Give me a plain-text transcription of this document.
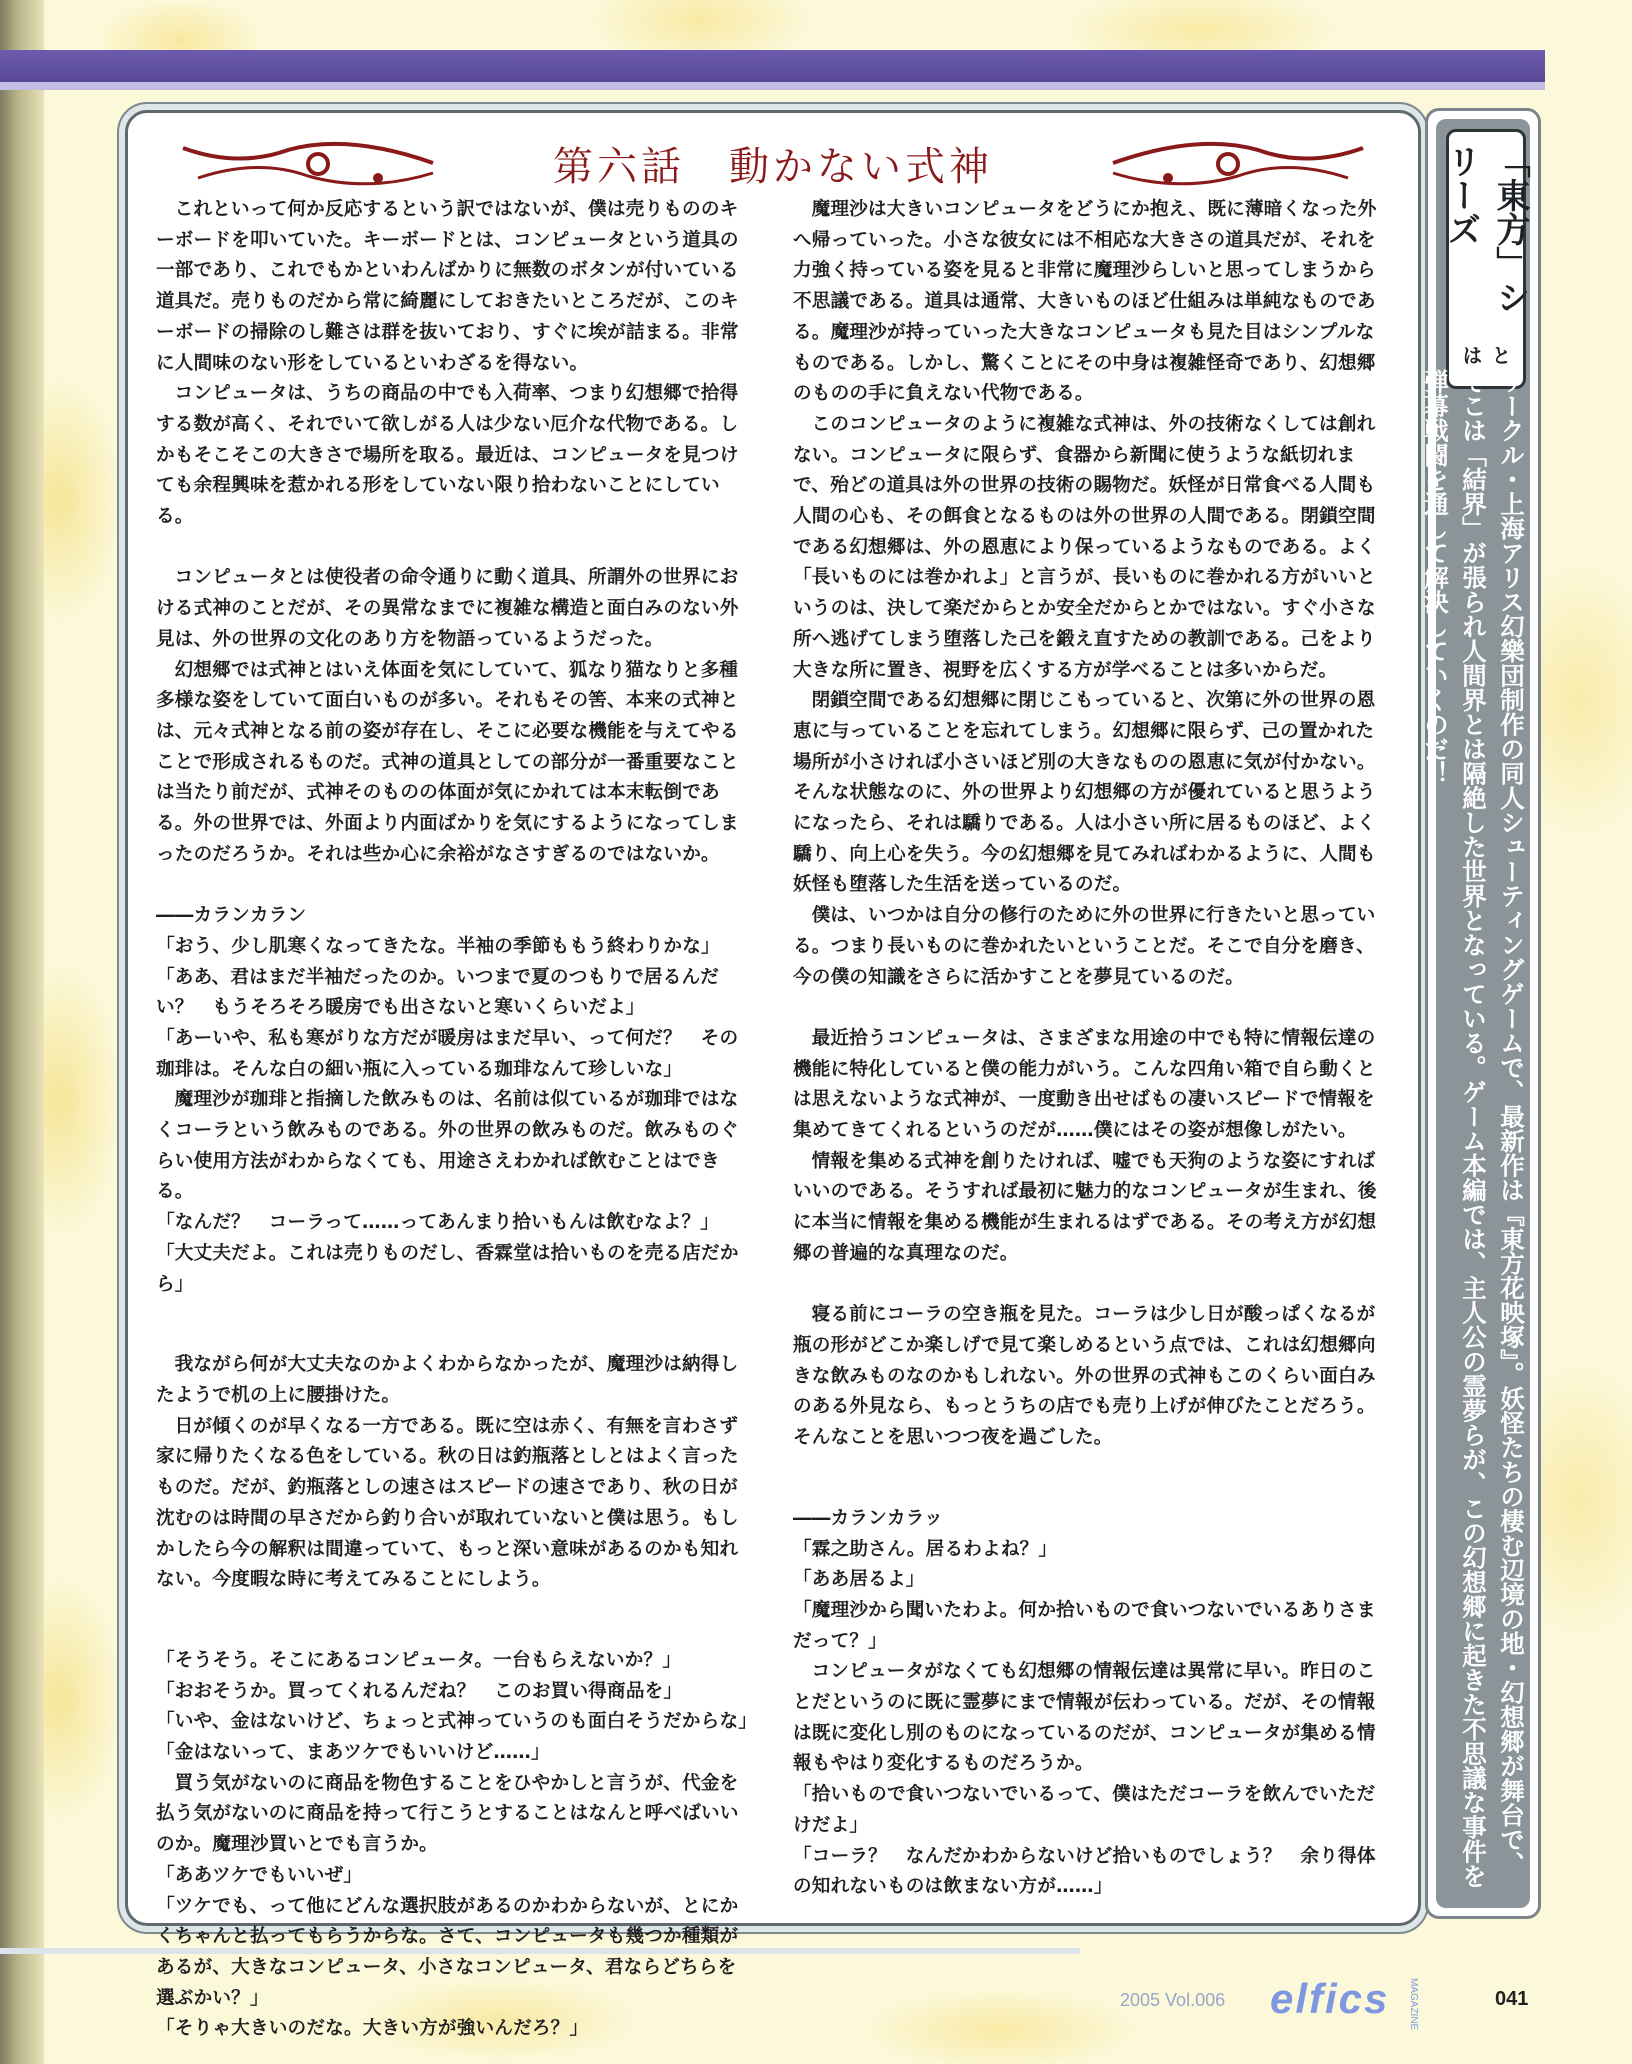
第六話　動かない式神

これといって何か反応するという訳ではないが、僕は売りもののキーボードを叩いていた。キーボードとは、コンピュータという道具の一部であり、これでもかといわんばかりに無数のボタンが付いている道具だ。売りものだから常に綺麗にしておきたいところだが、このキーボードの掃除のし難さは群を抜いており、すぐに埃が詰まる。非常に人間味のない形をしているといわざるを得ない。

コンピュータは、うちの商品の中でも入荷率、つまり幻想郷で拾得する数が高く、それでいて欲しがる人は少ない厄介な代物である。しかもそこそこの大きさで場所を取る。最近は、コンピュータを見つけても余程興味を惹かれる形をしていない限り拾わないことにしている。

コンピュータとは使役者の命令通りに動く道具、所謂外の世界における式神のことだが、その異常なまでに複雑な構造と面白みのない外見は、外の世界の文化のあり方を物語っているようだった。

幻想郷では式神とはいえ体面を気にしていて、狐なり猫なりと多種多様な姿をしていて面白いものが多い。それもその筈、本来の式神とは、元々式神となる前の姿が存在し、そこに必要な機能を与えてやることで形成されるものだ。式神の道具としての部分が一番重要なことは当たり前だが、式神そのものの体面が気にかれては本末転倒である。外の世界では、外面より内面ばかりを気にするようになってしまったのだろうか。それは些か心に余裕がなさすぎるのではないか。

――カランカラン

「おう、少し肌寒くなってきたな。半袖の季節ももう終わりかな」

「ああ、君はまだ半袖だったのか。いつまで夏のつもりで居るんだい？　もうそろそろ暖房でも出さないと寒いくらいだよ」

「あーいや、私も寒がりな方だが暖房はまだ早い、って何だ？　その珈琲は。そんな白の細い瓶に入っている珈琲なんて珍しいな」

魔理沙が珈琲と指摘した飲みものは、名前は似ているが珈琲ではなくコーラという飲みものである。外の世界の飲みものだ。飲みものぐらい使用方法がわからなくても、用途さえわかれば飲むことはできる。

「なんだ？　コーラって……ってあんまり拾いもんは飲むなよ？」

「大丈夫だよ。これは売りものだし、香霖堂は拾いものを売る店だから」

我ながら何が大丈夫なのかよくわからなかったが、魔理沙は納得したようで机の上に腰掛けた。

日が傾くのが早くなる一方である。既に空は赤く、有無を言わさず家に帰りたくなる色をしている。秋の日は釣瓶落としとはよく言ったものだ。だが、釣瓶落としの速さはスピードの速さであり、秋の日が沈むのは時間の早さだから釣り合いが取れていないと僕は思う。もしかしたら今の解釈は間違っていて、もっと深い意味があるのかも知れない。今度暇な時に考えてみることにしよう。

「そうそう。そこにあるコンピュータ。一台もらえないか？」

「おおそうか。買ってくれるんだね？　このお買い得商品を」

「いや、金はないけど、ちょっと式神っていうのも面白そうだからな」

「金はないって、まあツケでもいいけど……」

買う気がないのに商品を物色することをひやかしと言うが、代金を払う気がないのに商品を持って行こうとすることはなんと呼べばいいのか。魔理沙買いとでも言うか。

「ああツケでもいいぜ」

「ツケでも、って他にどんな選択肢があるのかわからないが、とにかくちゃんと払ってもらうからな。さて、コンピュータも幾つか種類があるが、大きなコンピュータ、小さなコンピュータ、君ならどちらを選ぶかい？」

「そりゃ大きいのだな。大きい方が強いんだろ？」

魔理沙は大きいコンピュータをどうにか抱え、既に薄暗くなった外へ帰っていった。小さな彼女には不相応な大きさの道具だが、それを力強く持っている姿を見ると非常に魔理沙らしいと思ってしまうから不思議である。道具は通常、大きいものほど仕組みは単純なものである。魔理沙が持っていった大きなコンピュータも見た目はシンプルなものである。しかし、驚くことにその中身は複雑怪奇であり、幻想郷のものの手に負えない代物である。

このコンピュータのように複雑な式神は、外の技術なくしては創れない。コンピュータに限らず、食器から新聞に使うような紙切れまで、殆どの道具は外の世界の技術の賜物だ。妖怪が日常食べる人間も人間の心も、その餌食となるものは外の世界の人間である。閉鎖空間である幻想郷は、外の恩恵により保っているようなものである。よく「長いものには巻かれよ」と言うが、長いものに巻かれる方がいいというのは、決して楽だからとか安全だからとかではない。すぐ小さな所へ逃げてしまう堕落した己を鍛え直すための教訓である。己をより大きな所に置き、視野を広くする方が学べることは多いからだ。

閉鎖空間である幻想郷に閉じこもっていると、次第に外の世界の恩恵に与っていることを忘れてしまう。幻想郷に限らず、己の置かれた場所が小さければ小さいほど別の大きなものの恩恵に気が付かない。そんな状態なのに、外の世界より幻想郷の方が優れていると思うようになったら、それは驕りである。人は小さい所に居るものほど、よく驕り、向上心を失う。今の幻想郷を見てみればわかるように、人間も妖怪も堕落した生活を送っているのだ。

僕は、いつかは自分の修行のために外の世界に行きたいと思っている。つまり長いものに巻かれたいということだ。そこで自分を磨き、今の僕の知識をさらに活かすことを夢見ているのだ。

最近拾うコンピュータは、さまざまな用途の中でも特に情報伝達の機能に特化していると僕の能力がいう。こんな四角い箱で自ら動くとは思えないような式神が、一度動き出せばもの凄いスピードで情報を集めてきてくれるというのだが……僕にはその姿が想像しがたい。

情報を集める式神を創りたければ、嘘でも天狗のような姿にすればいいのである。そうすれば最初に魅力的なコンピュータが生まれ、後に本当に情報を集める機能が生まれるはずである。その考え方が幻想郷の普遍的な真理なのだ。

寝る前にコーラの空き瓶を見た。コーラは少し日が酸っぱくなるが瓶の形がどこか楽しげで見て楽しめるという点では、これは幻想郷向きな飲みものなのかもしれない。外の世界の式神もこのくらい面白みのある外見なら、もっとうちの店でも売り上げが伸びたことだろう。そんなことを思いつつ夜を過ごした。

――カランカラッ

「霖之助さん。居るわよね？」

「ああ居るよ」

「魔理沙から聞いたわよ。何か拾いもので食いつないでいるありさまだって？」

コンピュータがなくても幻想郷の情報伝達は異常に早い。昨日のことだというのに既に霊夢にまで情報が伝わっている。だが、その情報は既に変化し別のものになっているのだが、コンピュータが集める情報もやはり変化するものだろうか。

「拾いもので食いつないでいるって、僕はただコーラを飲んでいただけだよ」

「コーラ？　なんだかわからないけど拾いものでしょう？　余り得体の知れないものは飲まない方が……」

「東方」シリーズ
とは
サークル・上海アリス幻樂団制作の同人シューティングゲームで、最新作は『東方花映塚』。妖怪たちの棲む辺境の地・幻想郷が舞台で、そこは「結界」が張られ人間界とは隔絶した世界となっている。ゲーム本編では、主人公の霊夢らが、この幻想郷に起きた不思議な事件を弾幕戦闘を通して解決していくのだ！
2005 Vol.006 elfics MAGAZINE	041
